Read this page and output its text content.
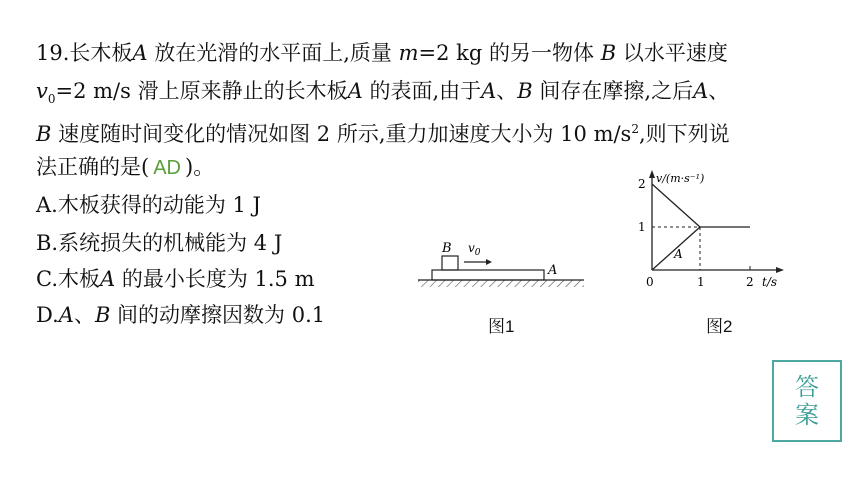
19.长木板A 放在光滑的水平面上,质量 m=2 kg 的另一物体 B 以水平速度
$v_0=2$ m/s 滑上原来静止的长木板A 的表面,由于A、B 间存在摩擦,之后A、
B 速度随时间变化的情况如图 2 所示,重力加速度大小为 10 $m/s^2$,则下列说
法正确的是( AD )。
A.木板获得的动能为 1 J
B.系统损失的机械能为 4 J
C.木板A 的最小长度为 1.5 m
D.A、B 间的动摩擦因数为 0.1
B $v_0$
A
图1
v/(m·s⁻¹)
2
1
0	1	2 t/s
A
图2
答
案
